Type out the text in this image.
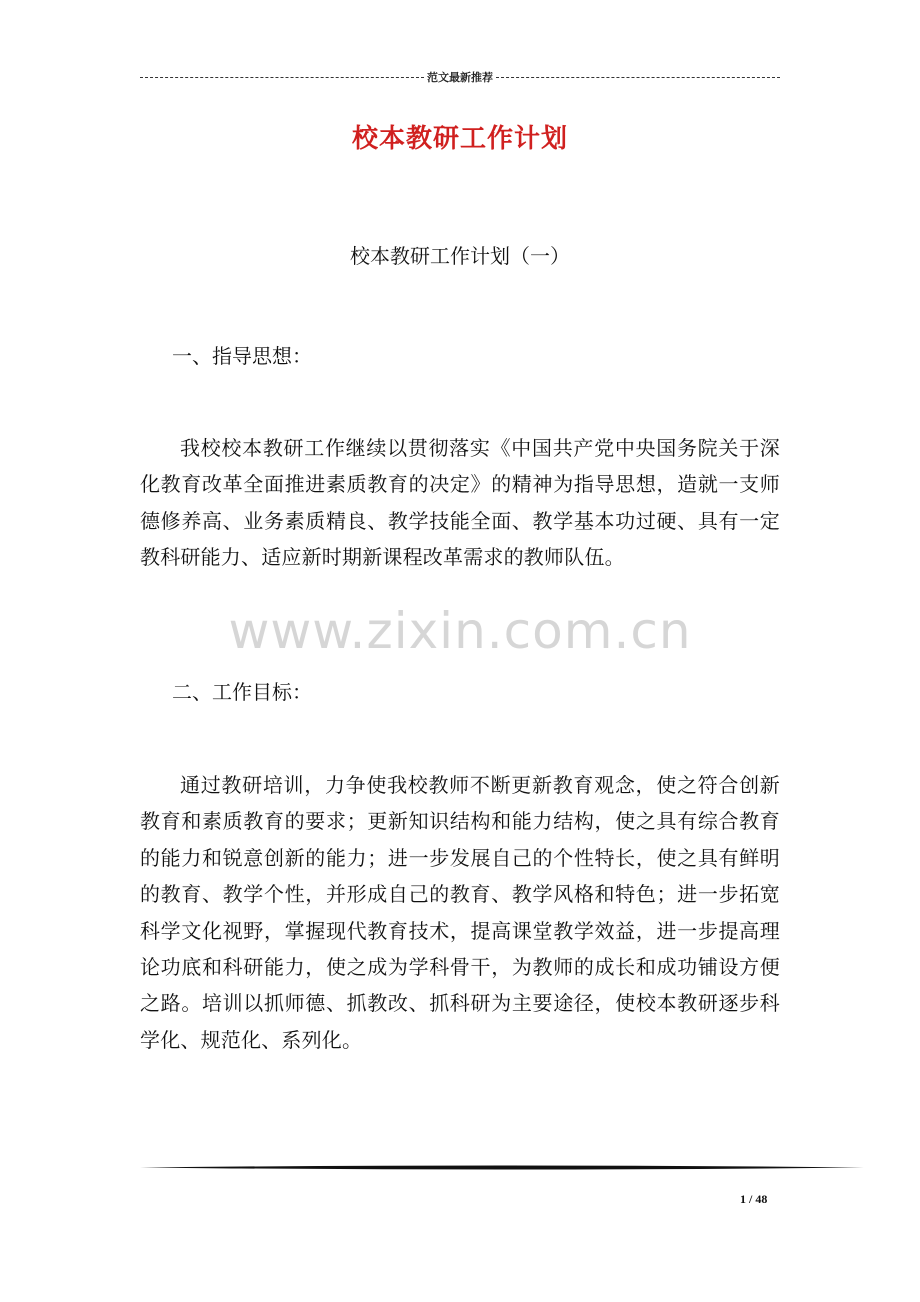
范文最新推荐
校本教研工作计划
校本教研工作计划（一）
一、指导思想：
我校校本教研工作继续以贯彻落实《中国共产党中央国务院关于深化教育改革全面推进素质教育的决定》的精神为指导思想，造就一支师德修养高、业务素质精良、教学技能全面、教学基本功过硬、具有一定教科研能力、适应新时期新课程改革需求的教师队伍。
www.zixin.com.cn
二、工作目标：
通过教研培训，力争使我校教师不断更新教育观念，使之符合创新教育和素质教育的要求；更新知识结构和能力结构，使之具有综合教育的能力和锐意创新的能力；进一步发展自己的个性特长，使之具有鲜明的教育、教学个性，并形成自己的教育、教学风格和特色；进一步拓宽科学文化视野，掌握现代教育技术，提高课堂教学效益，进一步提高理论功底和科研能力，使之成为学科骨干，为教师的成长和成功铺设方便之路。培训以抓师德、抓教改、抓科研为主要途径，使校本教研逐步科学化、规范化、系列化。
1 / 48
